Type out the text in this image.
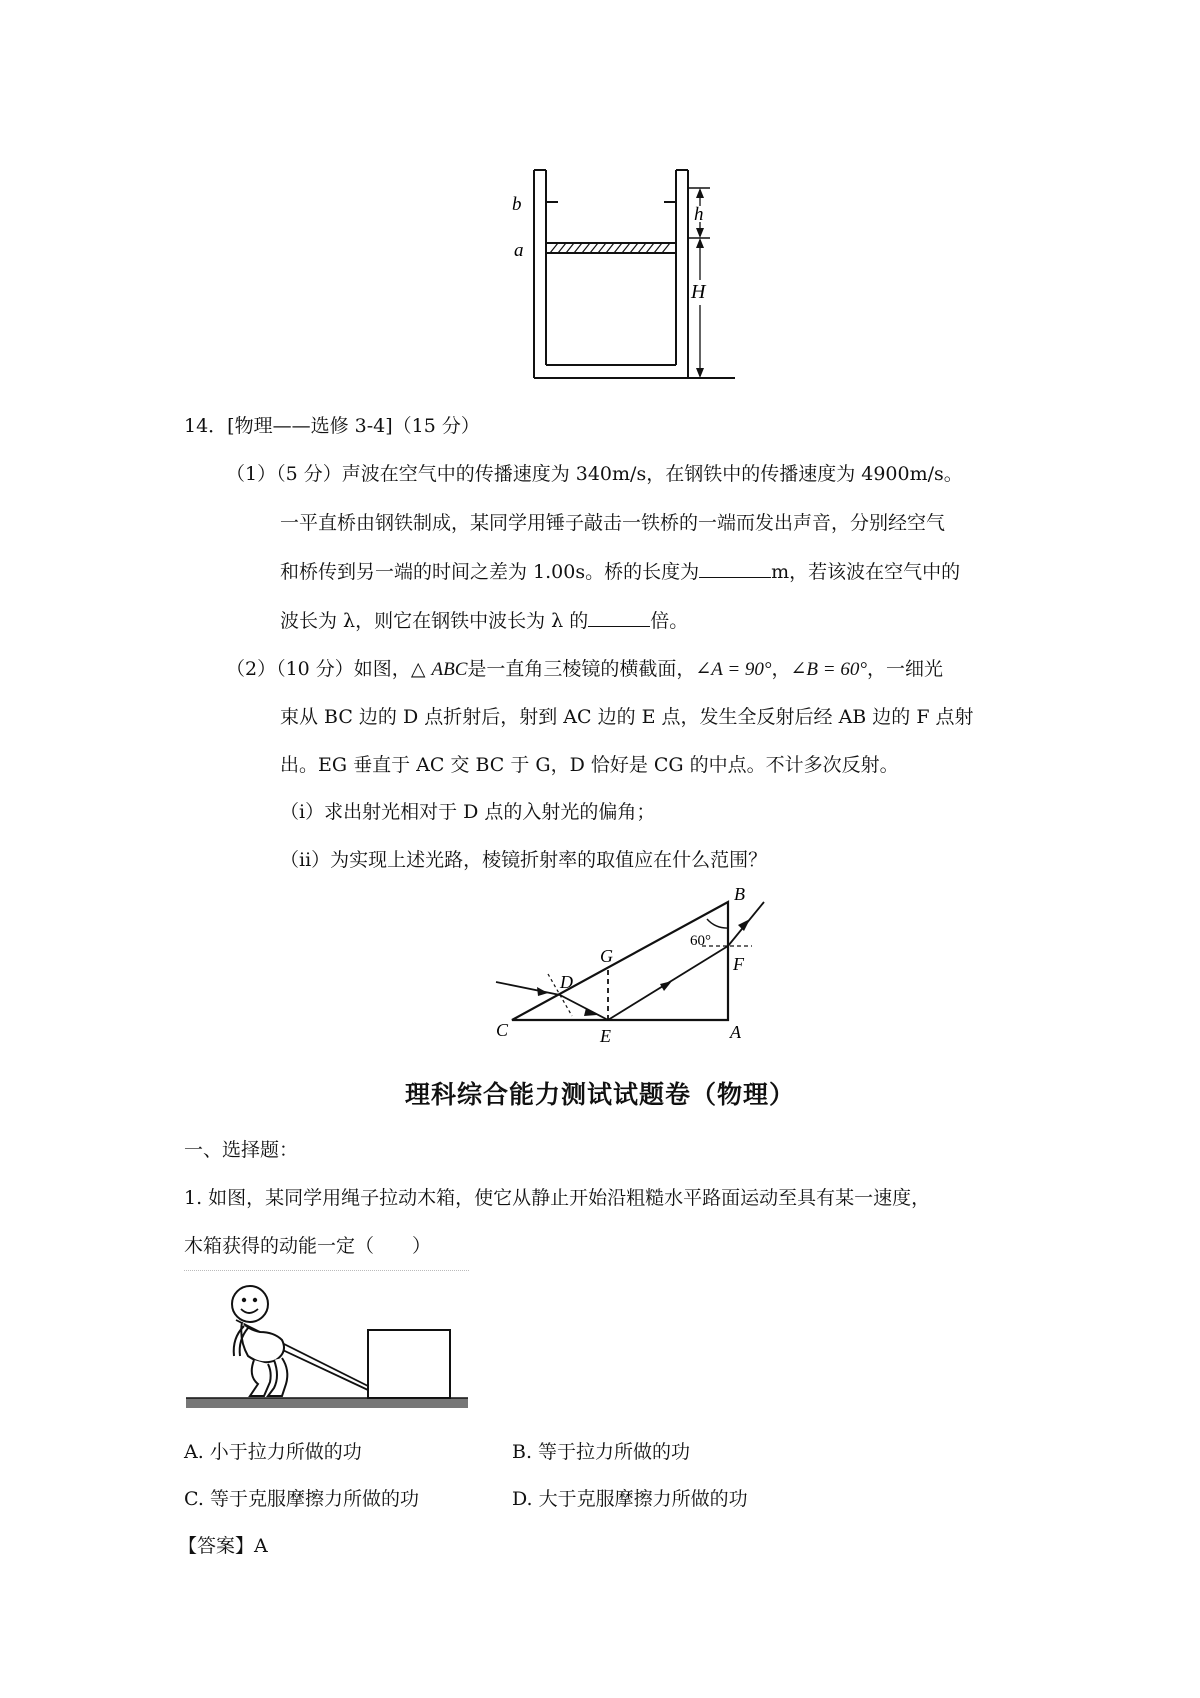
b
a
h
H
14．[物理——选修 3-4]（15 分）
（1）（5 分）声波在空气中的传播速度为 340m/s，在钢铁中的传播速度为 4900m/s。
一平直桥由钢铁制成，某同学用锤子敲击一铁桥的一端而发出声音，分别经空气
和桥传到另一端的时间之差为 1.00s。桥的长度为	m，若该波在空气中的
波长为 λ，则它在钢铁中波长为 λ 的	倍。
（2）（10 分）如图，△ ABC是一直角三棱镜的横截面，∠A = 90°，∠B = 60°，一细光
束从 BC 边的 D 点折射后，射到 AC 边的 E 点，发生全反射后经 AB 边的 F 点射
出。EG 垂直于 AC 交 BC 于 G，D 恰好是 CG 的中点。不计多次反射。
（i）求出射光相对于 D 点的入射光的偏角；
（ii）为实现上述光路，棱镜折射率的取值应在什么范围？
B
60°
G
D
F
C	E	A
理科综合能力测试试题卷（物理）
一、选择题：
1. 如图，某同学用绳子拉动木箱，使它从静止开始沿粗糙水平路面运动至具有某一速度，
木箱获得的动能一定（　　）
A. 小于拉力所做的功	B. 等于拉力所做的功
C. 等于克服摩擦力所做的功	D. 大于克服摩擦力所做的功
【答案】A
